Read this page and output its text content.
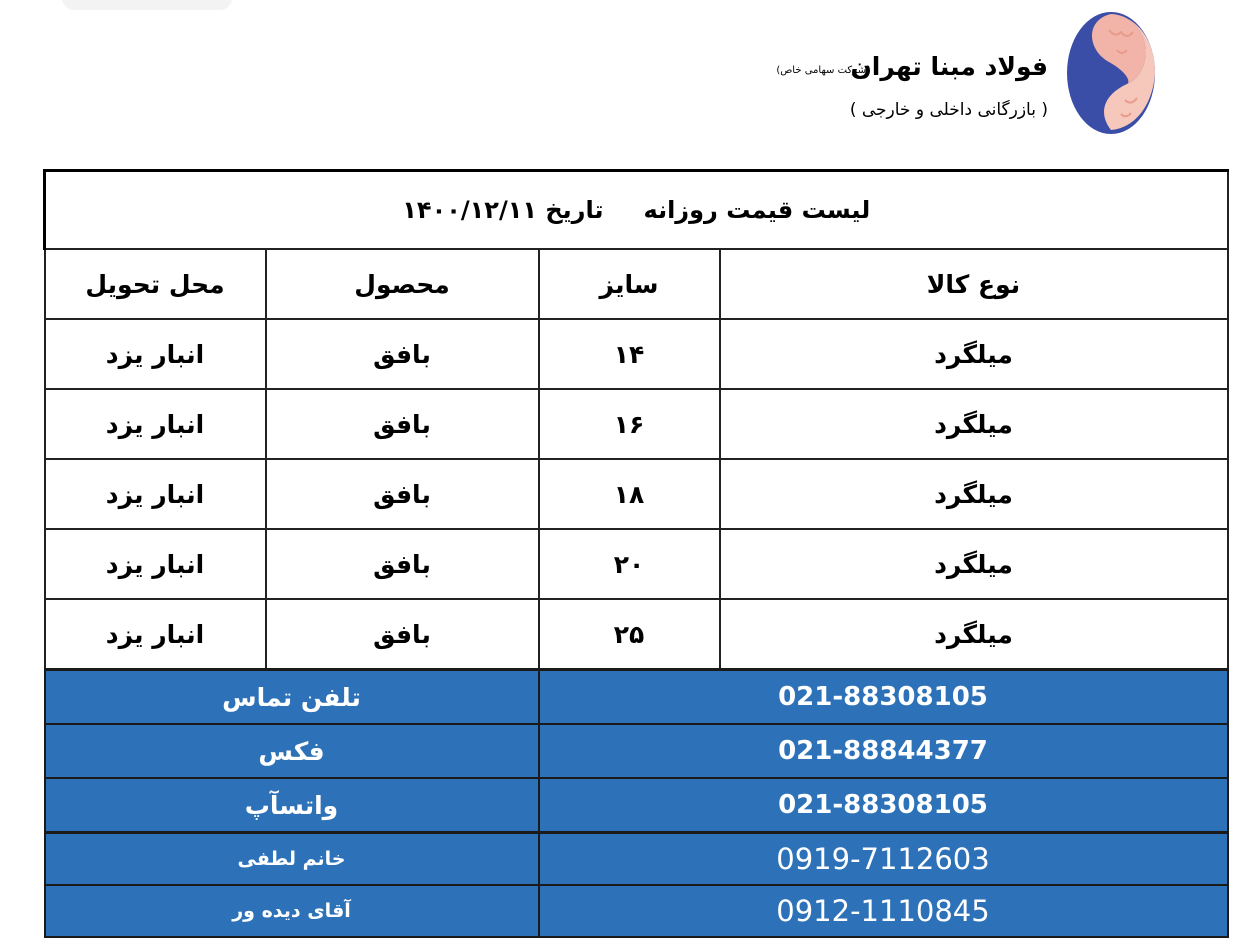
فولاد مبنا تهران
(شرکت سهامی خاص)
( بازرگانی داخلی و خارجی )
لیست قیمت روزانهتاریخ ۱۴۰۰/۱۲/۱۱			
نوع کالا	سایز	محصول	محل تحویل
میلگرد	۱۴	بافق	انبار یزد
میلگرد	۱۶	بافق	انبار یزد
میلگرد	۱۸	بافق	انبار یزد
میلگرد	۲۰	بافق	انبار یزد
میلگرد	۲۵	بافق	انبار یزد
021-88308105		تلفن تماس	
021-88844377		فکس	
021-88308105		واتسآپ	
0919-7112603		خانم لطفی	
0912-1110845		آقای دیده ور	
